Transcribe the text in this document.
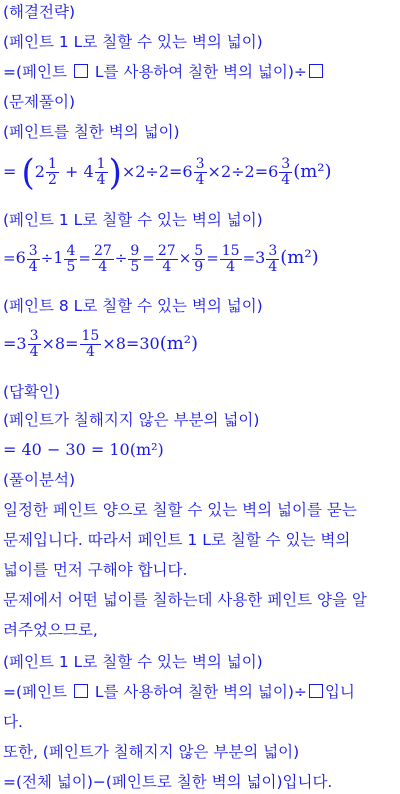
(해결전략)
(페인트 1 L로 칠할 수 있는 벽의 넓이)
=(페인트  L를 사용하여 칠한 벽의 넓이)÷
(문제풀이)
(페인트를 칠한 벽의 넓이)
= $(2 \frac{1}{2} + 4 \frac{1}{4} )\times 2\div 2=6 \frac{3}{4} \times 2\div 2=6 \frac{3}{4} (m^2)$
(페인트 1 L로 칠할 수 있는 벽의 넓이)
$=6 \frac{3}{4} \div 1 \frac{4}{5} = \frac{27}{4} \div \frac{9}{5} = \frac{27}{4} \times \frac{5}{9} = \frac{15}{4} =3 \frac{3}{4} (m^2)$
(페인트 8 L로 칠할 수 있는 벽의 넓이)
$=3 \frac{3}{4} \times 8= \frac{15}{4} \times 8=30(m^2)$
(답확인)
(페인트가 칠해지지 않은 부분의 넓이)
= 40 − 30 = 10(m²)
(풀이분석)
일정한 페인트 양으로 칠할 수 있는 벽의 넓이를 묻는
문제입니다. 따라서 페인트 1 L로 칠할 수 있는 벽의
넓이를 먼저 구해야 합니다.
문제에서 어떤 넓이를 칠하는데 사용한 페인트 양을 알
려주었으므로,
(페인트 1 L로 칠할 수 있는 벽의 넓이)
=(페인트  L를 사용하여 칠한 벽의 넓이)÷ 입니
다.
또한, (페인트가 칠해지지 않은 부분의 넓이)
=(전체 넓이)−(페인트로 칠한 벽의 넓이)입니다.
